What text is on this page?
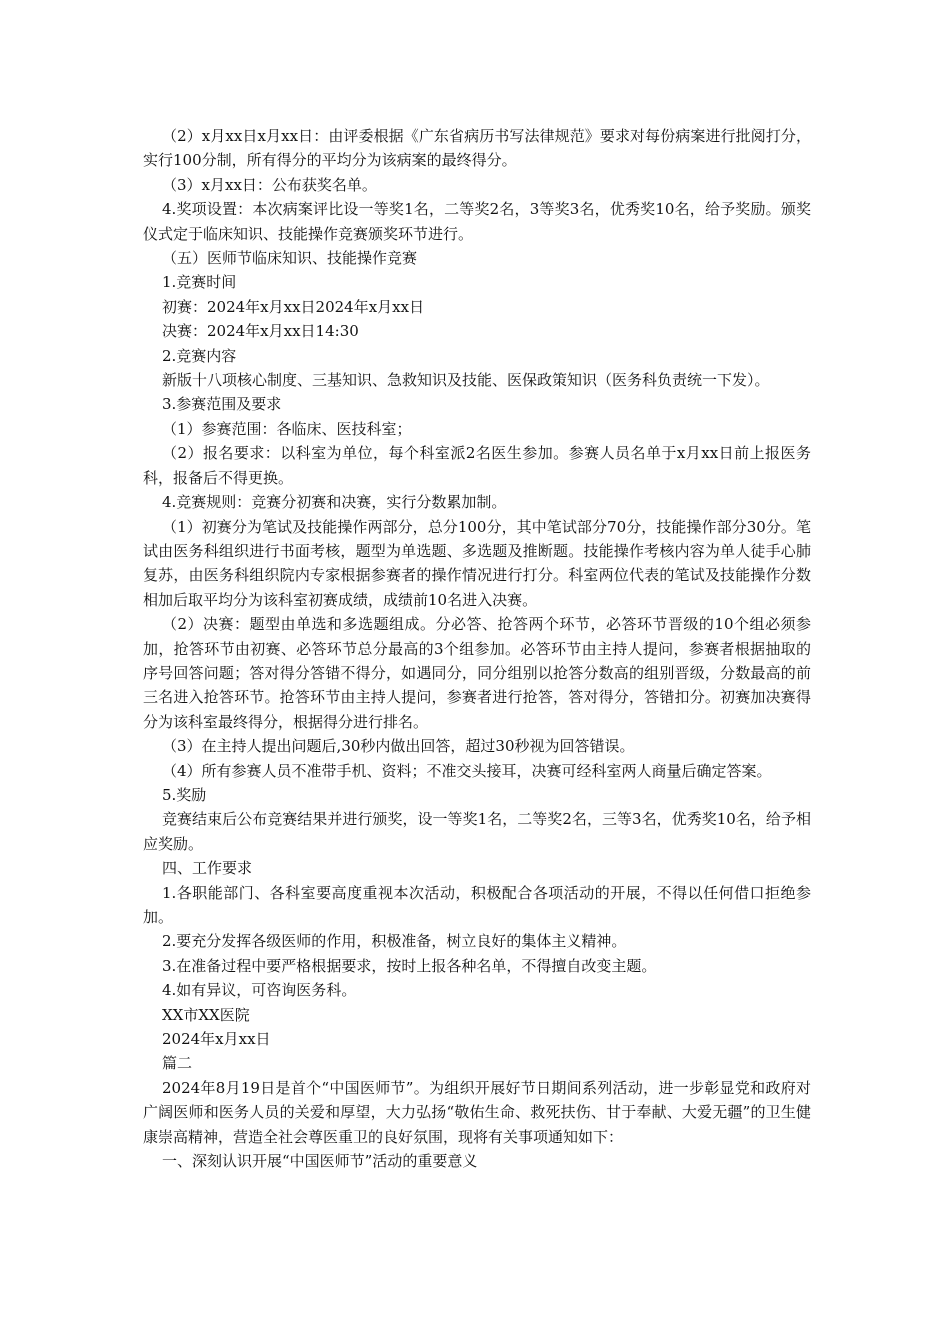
（2）x月xx日x月xx日：由评委根据《广东省病历书写法律规范》要求对每份病案进行批阅打分，实行100分制，所有得分的平均分为该病案的最终得分。

（3）x月xx日：公布获奖名单。

4.奖项设置：本次病案评比设一等奖1名，二等奖2名，3等奖3名，优秀奖10名，给予奖励。颁奖仪式定于临床知识、技能操作竞赛颁奖环节进行。

（五）医师节临床知识、技能操作竞赛

1.竞赛时间

初赛：2024年x月xx日2024年x月xx日

决赛：2024年x月xx日14:30

2.竞赛内容

新版十八项核心制度、三基知识、急救知识及技能、医保政策知识（医务科负责统一下发）。

3.参赛范围及要求

（1）参赛范围：各临床、医技科室；

（2）报名要求：以科室为单位，每个科室派2名医生参加。参赛人员名单于x月xx日前上报医务科，报备后不得更换。

4.竞赛规则：竞赛分初赛和决赛，实行分数累加制。

（1）初赛分为笔试及技能操作两部分，总分100分，其中笔试部分70分，技能操作部分30分。笔试由医务科组织进行书面考核，题型为单选题、多选题及推断题。技能操作考核内容为单人徒手心肺复苏，由医务科组织院内专家根据参赛者的操作情况进行打分。科室两位代表的笔试及技能操作分数相加后取平均分为该科室初赛成绩，成绩前10名进入决赛。

（2）决赛：题型由单选和多选题组成。分必答、抢答两个环节，必答环节晋级的10个组必须参加，抢答环节由初赛、必答环节总分最高的3个组参加。必答环节由主持人提问，参赛者根据抽取的序号回答问题；答对得分答错不得分，如遇同分，同分组别以抢答分数高的组别晋级，分数最高的前三名进入抢答环节。抢答环节由主持人提问，参赛者进行抢答，答对得分，答错扣分。初赛加决赛得分为该科室最终得分，根据得分进行排名。

（3）在主持人提出问题后,30秒内做出回答，超过30秒视为回答错误。

（4）所有参赛人员不准带手机、资料；不准交头接耳，决赛可经科室两人商量后确定答案。

5.奖励

竞赛结束后公布竞赛结果并进行颁奖，设一等奖1名，二等奖2名，三等3名，优秀奖10名，给予相应奖励。

四、工作要求

1.各职能部门、各科室要高度重视本次活动，积极配合各项活动的开展，不得以任何借口拒绝参加。

2.要充分发挥各级医师的作用，积极准备，树立良好的集体主义精神。

3.在准备过程中要严格根据要求，按时上报各种名单，不得擅自改变主题。

4.如有异议，可咨询医务科。

XX市XX医院

2024年x月xx日

篇二

2024年8月19日是首个“中国医师节”。为组织开展好节日期间系列活动，进一步彰显党和政府对广阔医师和医务人员的关爱和厚望，大力弘扬“敬佑生命、救死扶伤、甘于奉献、大爱无疆”的卫生健康崇高精神，营造全社会尊医重卫的良好氛围，现将有关事项通知如下：

一、深刻认识开展“中国医师节”活动的重要意义
